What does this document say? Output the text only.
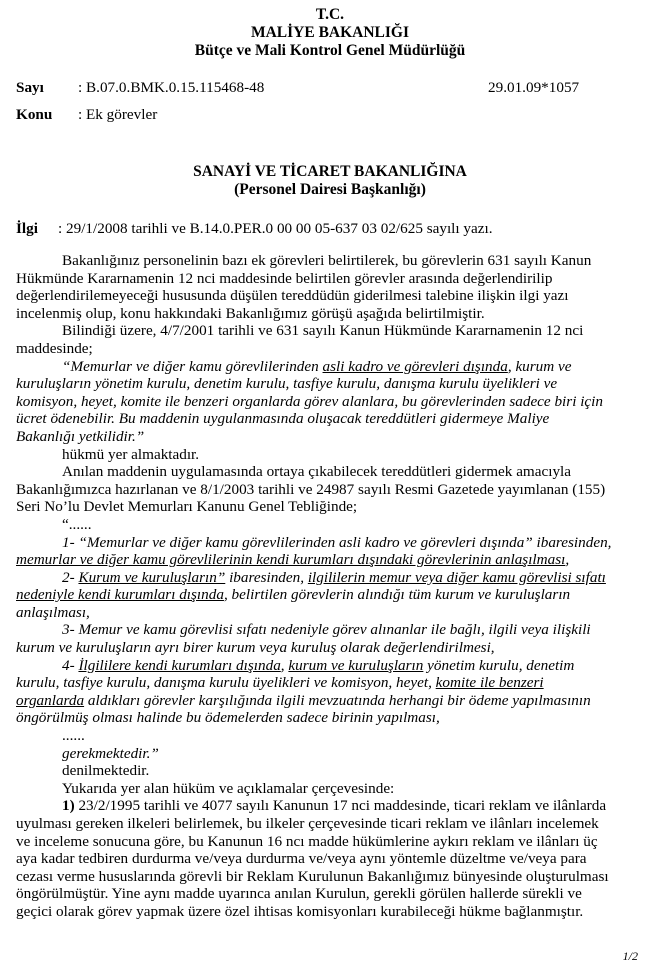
T.C.
MALİYE BAKANLIĞI
Bütçe ve Mali Kontrol Genel Müdürlüğü
Sayı : B.07.0.BMK.0.15.115468-48	29.01.09*1057
Konu : Ek görevler
SANAYİ VE TİCARET BAKANLIĞINA
(Personel Dairesi Başkanlığı)
İlgi : 29/1/2008 tarihli ve B.14.0.PER.0 00 00 05-637 03 02/625 sayılı yazı.
Bakanlığınız personelinin bazı ek görevleri belirtilerek, bu görevlerin 631 sayılı Kanun
Hükmünde Kararnamenin 12 nci maddesinde belirtilen görevler arasında değerlendirilip
değerlendirilemeyeceği hususunda düşülen tereddüdün giderilmesi talebine ilişkin ilgi yazı
incelenmiş olup, konu hakkındaki Bakanlığımız görüşü aşağıda belirtilmiştir.
Bilindiği üzere, 4/7/2001 tarihli ve 631 sayılı Kanun Hükmünde Kararnamenin 12 nci
maddesinde;
“Memurlar ve diğer kamu görevlilerinden asli kadro ve görevleri dışında, kurum ve
kuruluşların yönetim kurulu, denetim kurulu, tasfiye kurulu, danışma kurulu üyelikleri ve
komisyon, heyet, komite ile benzeri organlarda görev alanlara, bu görevlerinden sadece biri için
ücret ödenebilir. Bu maddenin uygulanmasında oluşacak tereddütleri gidermeye Maliye
Bakanlığı yetkilidir.”
hükmü yer almaktadır.
Anılan maddenin uygulamasında ortaya çıkabilecek tereddütleri gidermek amacıyla
Bakanlığımızca hazırlanan ve 8/1/2003 tarihli ve 24987 sayılı Resmi Gazetede yayımlanan (155)
Seri No’lu Devlet Memurları Kanunu Genel Tebliğinde;
“......
1- “Memurlar ve diğer kamu görevlilerinden asli kadro ve görevleri dışında” ibaresinden,
memurlar ve diğer kamu görevlilerinin kendi kurumları dışındaki görevlerinin anlaşılması,
2- Kurum ve kuruluşların” ibaresinden, ilgililerin memur veya diğer kamu görevlisi sıfatı
nedeniyle kendi kurumları dışında, belirtilen görevlerin alındığı tüm kurum ve kuruluşların
anlaşılması,
3- Memur ve kamu görevlisi sıfatı nedeniyle görev alınanlar ile bağlı, ilgili veya ilişkili
kurum ve kuruluşların ayrı birer kurum veya kuruluş olarak değerlendirilmesi,
4- İlgililere kendi kurumları dışında, kurum ve kuruluşların yönetim kurulu, denetim
kurulu, tasfiye kurulu, danışma kurulu üyelikleri ve komisyon, heyet, komite ile benzeri
organlarda aldıkları görevler karşılığında ilgili mevzuatında herhangi bir ödeme yapılmasının
öngörülmüş olması halinde bu ödemelerden sadece birinin yapılması,
......
gerekmektedir.”
denilmektedir.
Yukarıda yer alan hüküm ve açıklamalar çerçevesinde:
1) 23/2/1995 tarihli ve 4077 sayılı Kanunun 17 nci maddesinde, ticari reklam ve ilânlarda
uyulması gereken ilkeleri belirlemek, bu ilkeler çerçevesinde ticari reklam ve ilânları incelemek
ve inceleme sonucuna göre, bu Kanunun 16 ncı madde hükümlerine aykırı reklam ve ilânları üç
aya kadar tedbiren durdurma ve/veya durdurma ve/veya aynı yöntemle düzeltme ve/veya para
cezası verme hususlarında görevli bir Reklam Kurulunun Bakanlığımız bünyesinde oluşturulması
öngörülmüştür. Yine aynı madde uyarınca anılan Kurulun, gerekli görülen hallerde sürekli ve
geçici olarak görev yapmak üzere özel ihtisas komisyonları kurabileceği hükme bağlanmıştır.
1/2
